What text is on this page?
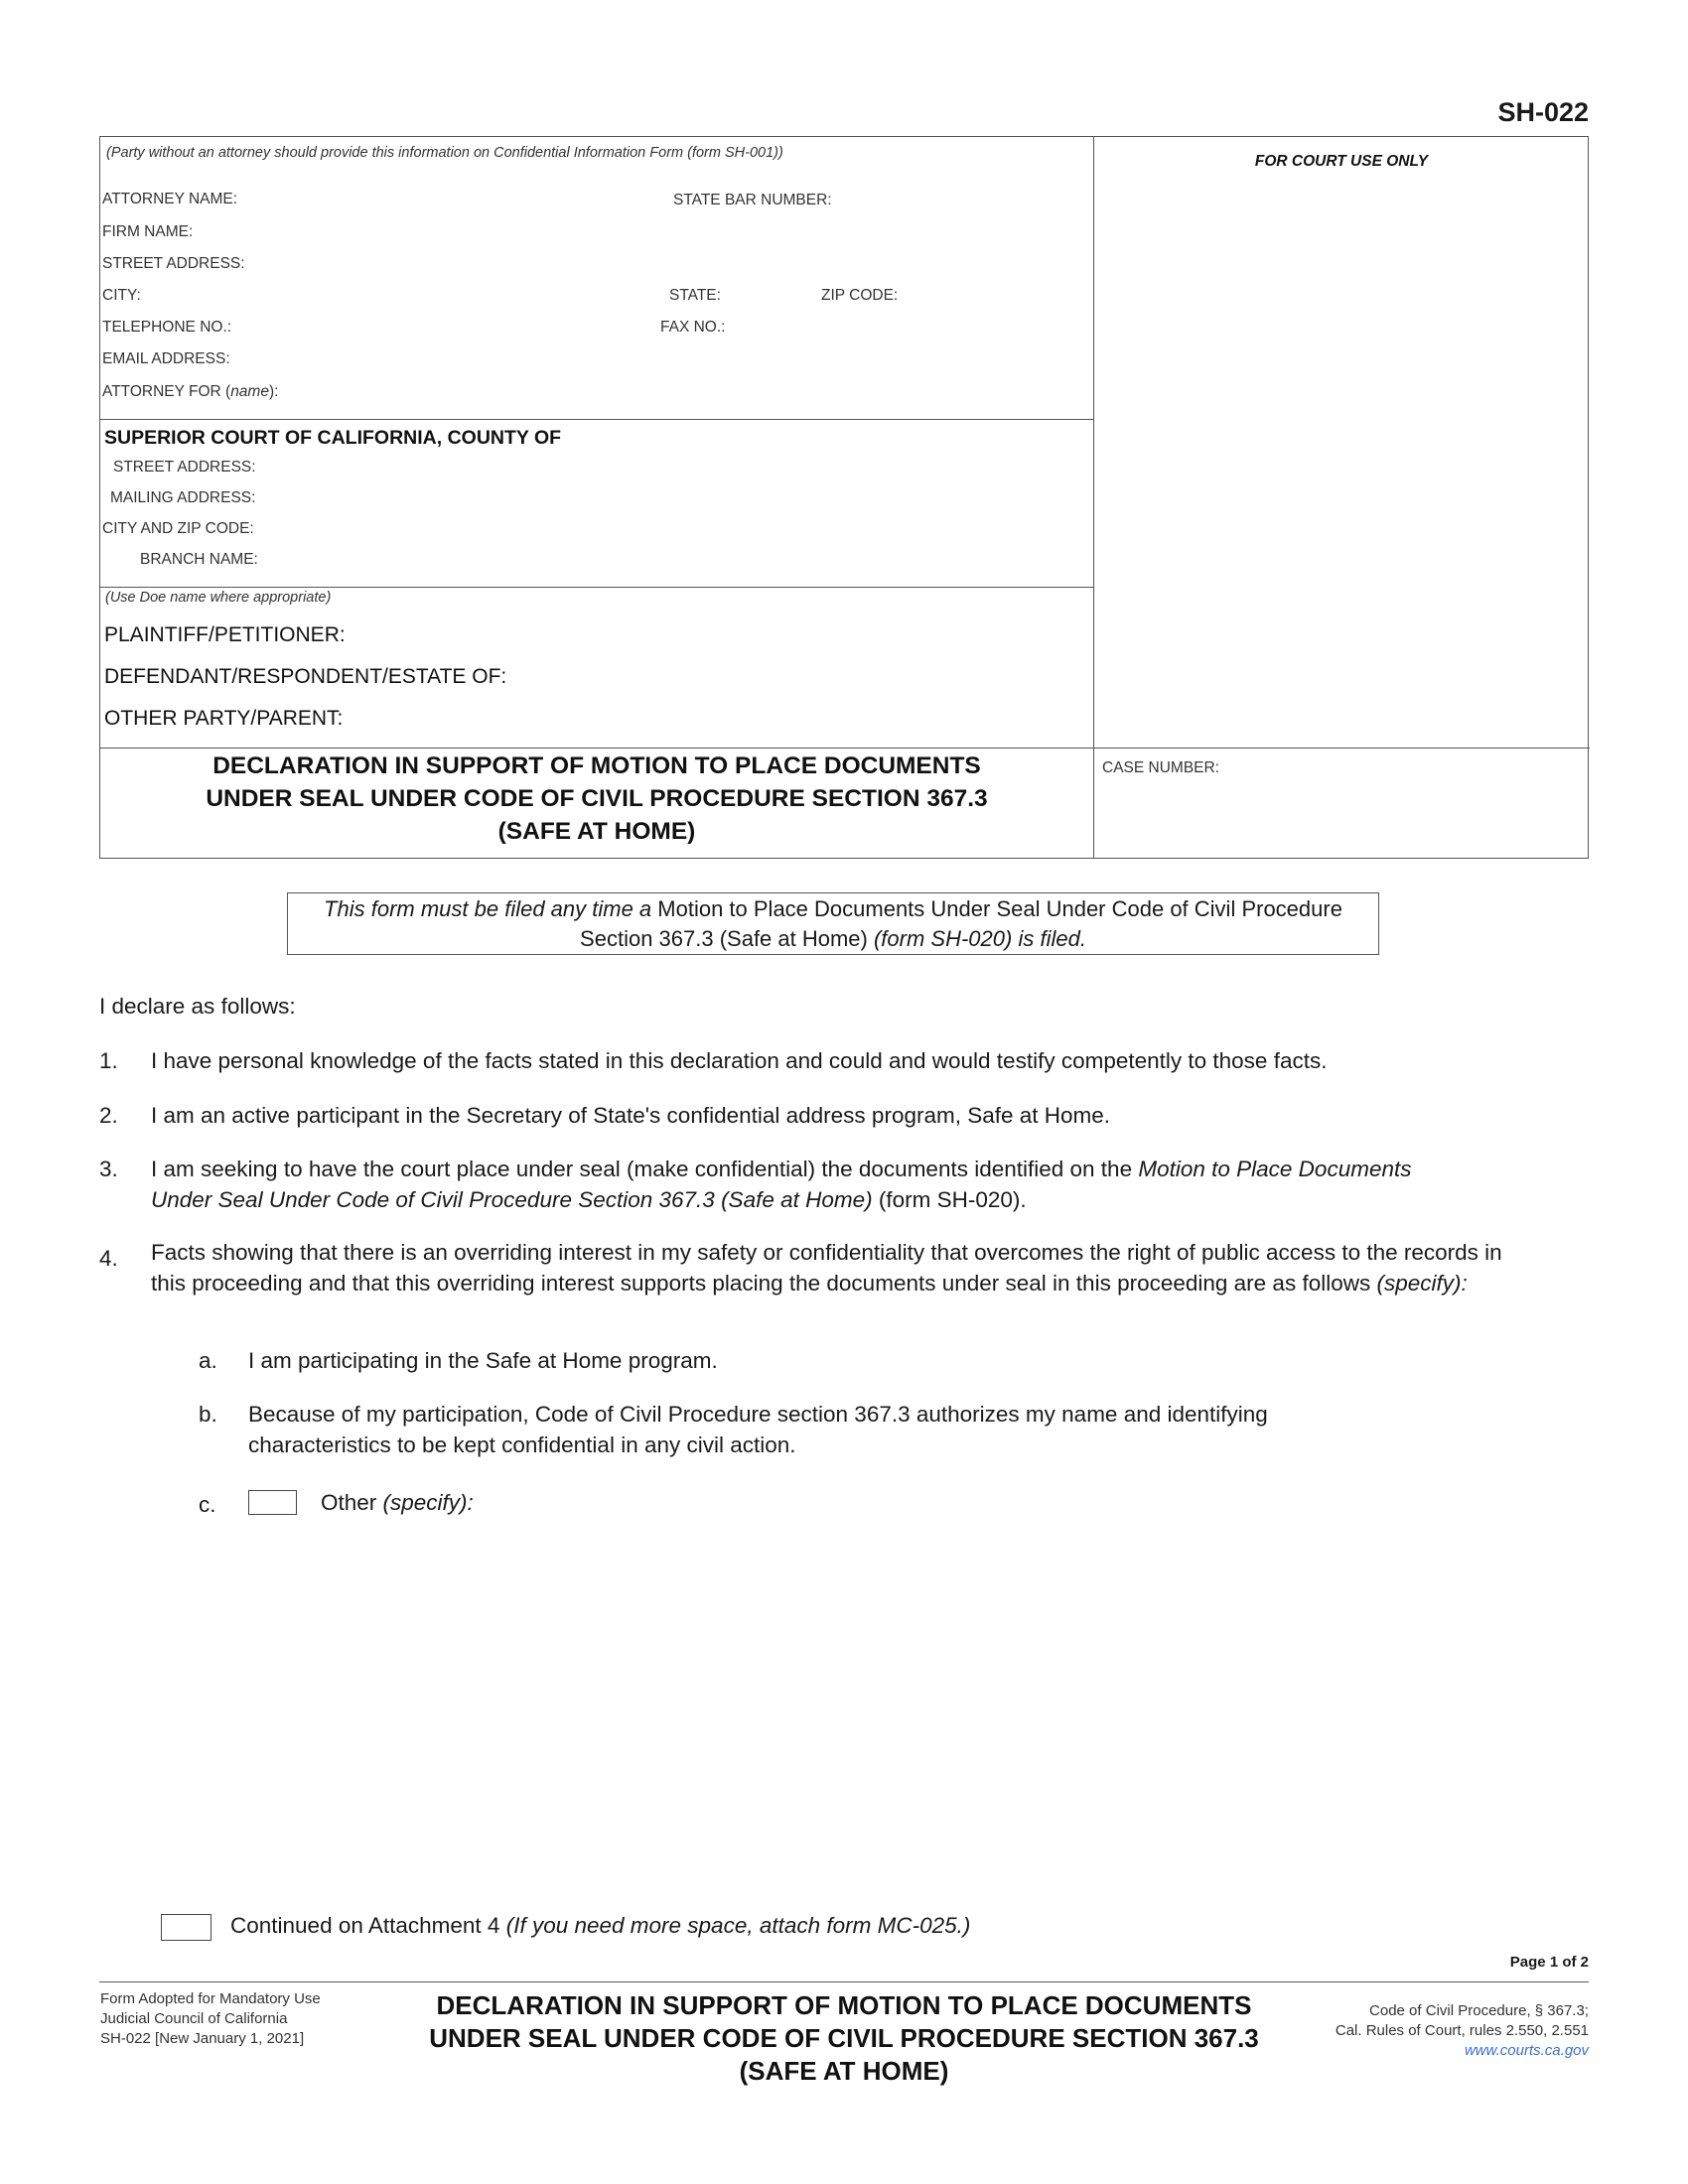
SH-022
(Party without an attorney should provide this information on Confidential Information Form (form SH-001))	FOR COURT USE ONLY
ATTORNEY NAME:	STATE BAR NUMBER:
FIRM NAME:
STREET ADDRESS:
CITY:	STATE:	ZIP CODE:
TELEPHONE NO.:	FAX NO.:
EMAIL ADDRESS:
ATTORNEY FOR (name):
SUPERIOR COURT OF CALIFORNIA, COUNTY OF
STREET ADDRESS:
MAILING ADDRESS:
CITY AND ZIP CODE:
BRANCH NAME:
(Use Doe name where appropriate)
PLAINTIFF/PETITIONER:
DEFENDANT/RESPONDENT/ESTATE OF:
OTHER PARTY/PARENT:
DECLARATION IN SUPPORT OF MOTION TO PLACE DOCUMENTS
UNDER SEAL UNDER CODE OF CIVIL PROCEDURE SECTION 367.3
(SAFE AT HOME)
CASE NUMBER:
This form must be filed any time a Motion to Place Documents Under Seal Under Code of Civil Procedure Section 367.3 (Safe at Home) (form SH-020) is filed.
I declare as follows:
1.	I have personal knowledge of the facts stated in this declaration and could and would testify competently to those facts.
2.	I am an active participant in the Secretary of State's confidential address program, Safe at Home.
3.	I am seeking to have the court place under seal (make confidential) the documents identified on the Motion to Place Documents Under Seal Under Code of Civil Procedure Section 367.3 (Safe at Home) (form SH-020).
4.	Facts showing that there is an overriding interest in my safety or confidentiality that overcomes the right of public access to the records in this proceeding and that this overriding interest supports placing the documents under seal in this proceeding are as follows (specify):
a.	I am participating in the Safe at Home program.
b.	Because of my participation, Code of Civil Procedure section 367.3 authorizes my name and identifying characteristics to be kept confidential in any civil action.
c.	Other (specify):
Continued on Attachment 4 (If you need more space, attach form MC-025.)
Page 1 of 2
Form Adopted for Mandatory Use
Judicial Council of California
SH-022 [New January 1, 2021]
DECLARATION IN SUPPORT OF MOTION TO PLACE DOCUMENTS
UNDER SEAL UNDER CODE OF CIVIL PROCEDURE SECTION 367.3
(SAFE AT HOME)
Code of Civil Procedure, § 367.3;
Cal. Rules of Court, rules 2.550, 2.551
www.courts.ca.gov
